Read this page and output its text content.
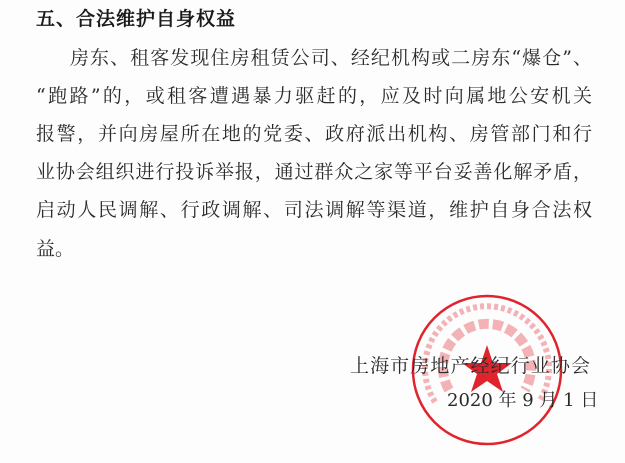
五、合法维护自身权益
房东、租客发现住房租赁公司、经纪机构或二房东“爆仓”、
“跑路”的，或租客遭遇暴力驱赶的，应及时向属地公安机关
报警，并向房屋所在地的党委、政府派出机构、房管部门和行
业协会组织进行投诉举报，通过群众之家等平台妥善化解矛盾，
启动人民调解、行政调解、司法调解等渠道，维护自身合法权
益。
上海市房地产经纪行业协会
2020 年 9 月 1 日
